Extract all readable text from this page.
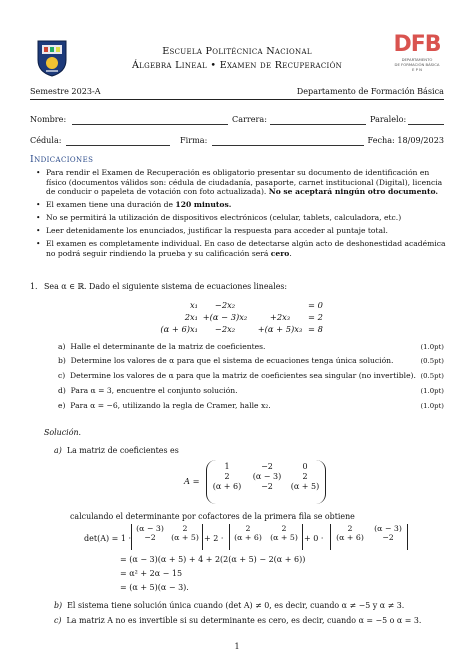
Escuela Politécnica Nacional
Álgebra Lineal • Examen de Recuperación
DFB
DEPARTAMENTO
DE FORMACIÓN BÁSICA
E P N
Semestre 2023-A	Departamento de Formación Básica
Nombre:	Carrera:	Paralelo:
Cédula:	Firma:	Fecha: 18/09/2023
Indicaciones
• Para rendir el Examen de Recuperación es obligatorio presentar su documento de identificación en físico (documentos válidos son: cédula de ciudadanía, pasaporte, carnet institucional (Digital), licencia de conducir o papeleta de votación con foto actualizada). No se aceptará ningún otro documento.
• El examen tiene una duración de 120 minutos.
• No se permitirá la utilización de dispositivos electrónicos (celular, tablets, calculadora, etc.)
• Leer detenidamente los enunciados, justificar la respuesta para acceder al puntaje total.
• El examen es completamente individual. En caso de detectarse algún acto de deshonestidad académica no podrá seguir rindiendo la prueba y su calificación será cero.
1. Sea α ∈ ℝ. Dado el siguiente sistema de ecuaciones lineales:
x₁	−2x₂	= 0
2x₁ +(α − 3)x₂	+2x₃	= 2
(α + 6)x₁	−2x₂	+(α + 5)x₃ = 8
a) Halle el determinante de la matriz de coeficientes.	(1.0pt)
b) Determine los valores de α para que el sistema de ecuaciones tenga única solución.	(0.5pt)
c) Determine los valores de α para que la matriz de coeficientes sea singular (no invertible). (0.5pt)
d) Para α = 3, encuentre el conjunto solución.	(1.0pt)
e) Para α = −6, utilizando la regla de Cramer, halle x₂.	(1.0pt)
Solución.
a) La matriz de coeficientes es
A =
1	−2	0
2	(α − 3)	2
(α + 6)	−2	(α + 5)
calculando el determinante por cofactores de la primera fila se obtiene
det(A) = 1 ·
(α − 3)	2
−2	(α + 5) + 2 ·
2	2
(α + 6)	(α + 5) + 0 ·
2	(α − 3)
(α + 6)	−2
= (α − 3)(α + 5) + 4 + 2(2(α + 5) − 2(α + 6))
= α² + 2α − 15
= (α + 5)(α − 3).
b) El sistema tiene solución única cuando (det A) ≠ 0, es decir, cuando α ≠ −5 y α ≠ 3.
c) La matriz A no es invertible si su determinante es cero, es decir, cuando α = −5 o α = 3.
1
